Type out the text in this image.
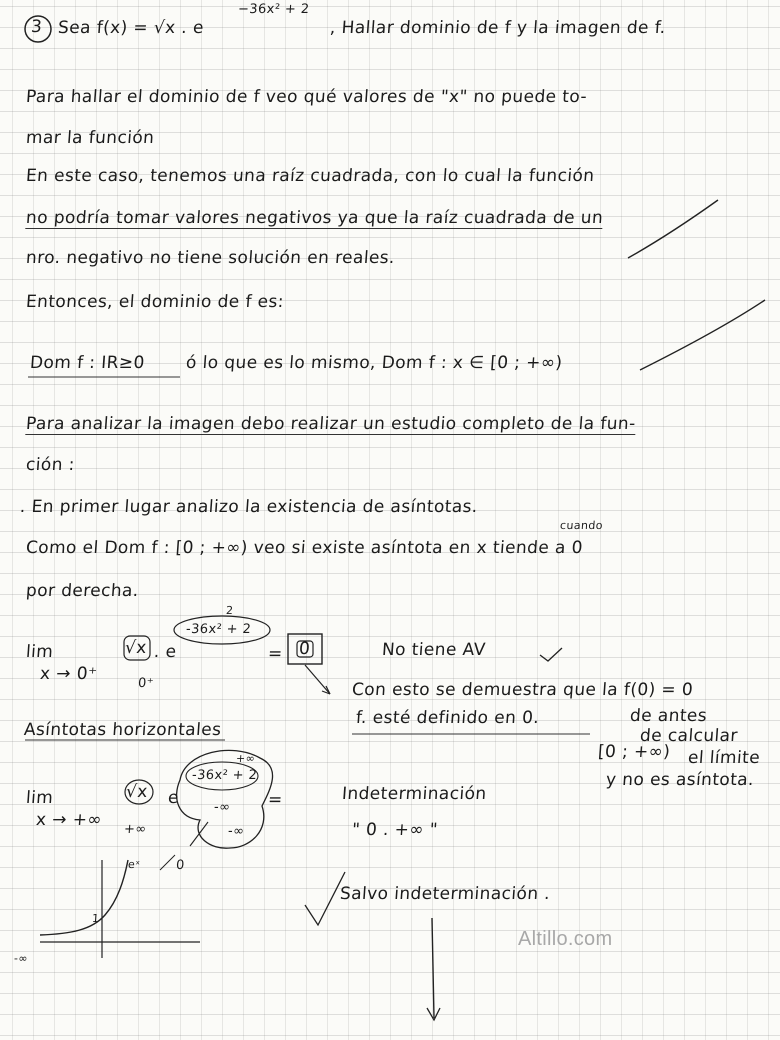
3 Sea f(x) = √x . e
−36x² + 2
, Hallar dominio de f y la imagen de f.
Para hallar el dominio de f veo qué valores de "x" no puede to-
mar la función
En este caso, tenemos una raíz cuadrada, con lo cual la función
no podría tomar valores negativos ya que la raíz cuadrada de un
nro. negativo no tiene solución en reales.
Entonces, el dominio de f es:
Dom f : IR≥0 ó lo que es lo mismo, Dom f : x ∈ [0 ; +∞)
Para analizar la imagen debo realizar un estudio completo de la fun-
ción :
. En primer lugar analizo la existencia de asíntotas.
cuando
Como el Dom f : [0 ; +∞) veo si existe asíntota en x tiende a 0
por derecha.
lim
x → 0⁺
√x . e
-36x² + 2
2
0⁺
= 0	No tiene AV
Con esto se demuestra que la f(0) = 0
f. esté definido en 0.	de antes
de calcular
[0 ; +∞) el límite
y no es asíntota.
Asíntotas horizontales
lim
x → +∞
√x
+∞
e
-36x² + 2
+∞
-∞
-∞
=	Indeterminación
" 0 . +∞ "
0
eˣ
1
-∞
Salvo indeterminación .
Altillo.com
